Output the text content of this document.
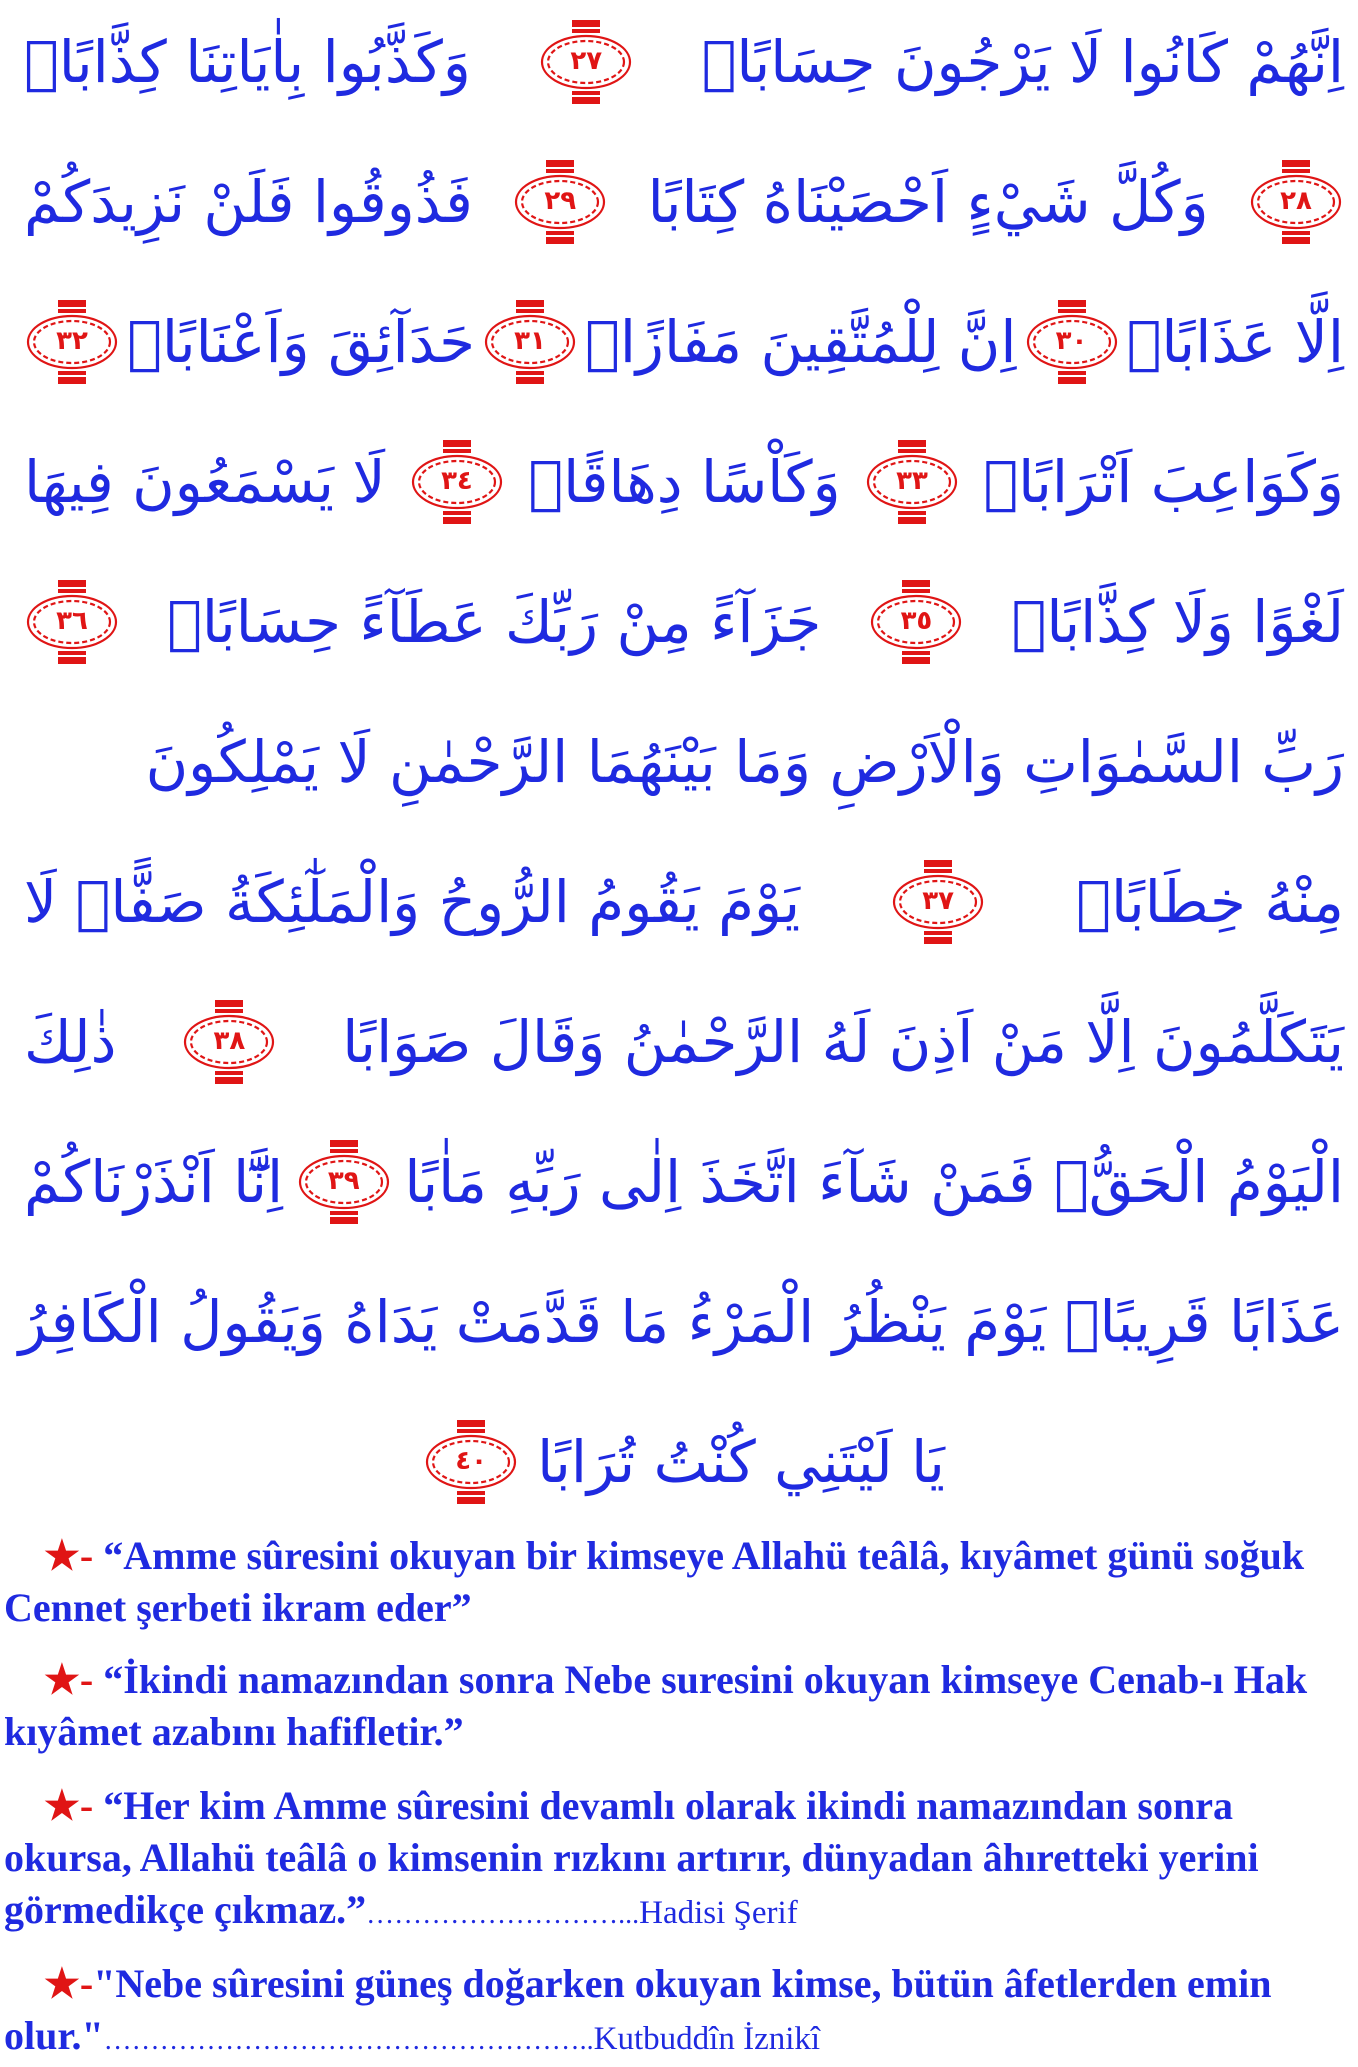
اِنَّهُمْ كَانُوا لَا يَرْجُونَ حِسَابًاۙ
٢٧
وَكَذَّبُوا بِاٰيَاتِنَا كِذَّابًاۜ
٢٨
وَكُلَّ شَيْءٍ اَحْصَيْنَاهُ كِتَابًا
٢٩
فَذُوقُوا فَلَنْ نَزِيدَكُمْ
اِلَّا عَذَابًاۚ
٣٠
اِنَّ لِلْمُتَّقِينَ مَفَازًاۙ
٣١
حَدَآئِقَ وَاَعْنَابًاۙ
٣٢
وَكَوَاعِبَ اَتْرَابًاۙ
٣٣
وَكَاْسًا دِهَاقًاۜ
٣٤
لَا يَسْمَعُونَ فِيهَا
لَغْوًا وَلَا كِذَّابًاۚ
٣٥
جَزَآءً مِنْ رَبِّكَ عَطَآءً حِسَابًاۙ
٣٦
رَبِّ السَّمٰوَاتِ وَالْاَرْضِ وَمَا بَيْنَهُمَا الرَّحْمٰنِ لَا يَمْلِكُونَ
مِنْهُ خِطَابًاۚ
٣٧
يَوْمَ يَقُومُ الرُّوحُ وَالْمَلٰٓئِكَةُ صَفًّاۜ لَا
يَتَكَلَّمُونَ اِلَّا مَنْ اَذِنَ لَهُ الرَّحْمٰنُ وَقَالَ صَوَابًا
٣٨
ذٰلِكَ
الْيَوْمُ الْحَقُّۚ فَمَنْ شَآءَ اتَّخَذَ اِلٰى رَبِّهِ مَاٰبًا
٣٩
اِنَّٓا اَنْذَرْنَاكُمْ
عَذَابًا قَرِيبًاۚ يَوْمَ يَنْظُرُ الْمَرْءُ مَا قَدَّمَتْ يَدَاهُ وَيَقُولُ الْكَافِرُ
يَا لَيْتَنِي كُنْتُ تُرَابًا
٤٠
★- “Amme sûresini okuyan bir kimseye Allahü teâlâ, kıyâmet günü soğuk Cennet şerbeti ikram eder”
★- “İkindi namazından sonra Nebe suresini okuyan kimseye Cenab-ı Hak kıyâmet azabını hafifletir.”
★- “Her kim Amme sûresini devamlı olarak ikindi namazından sonra okursa, Allahü teâlâ o kimsenin rızkını artırır, dünyadan âhıretteki yerini görmedikçe çıkmaz.”………………………...Hadisi Şerif
★-"Nebe sûresini güneş doğarken okuyan kimse, bütün âfetlerden emin olur."……………………………………………..Kutbuddîn İznikî
